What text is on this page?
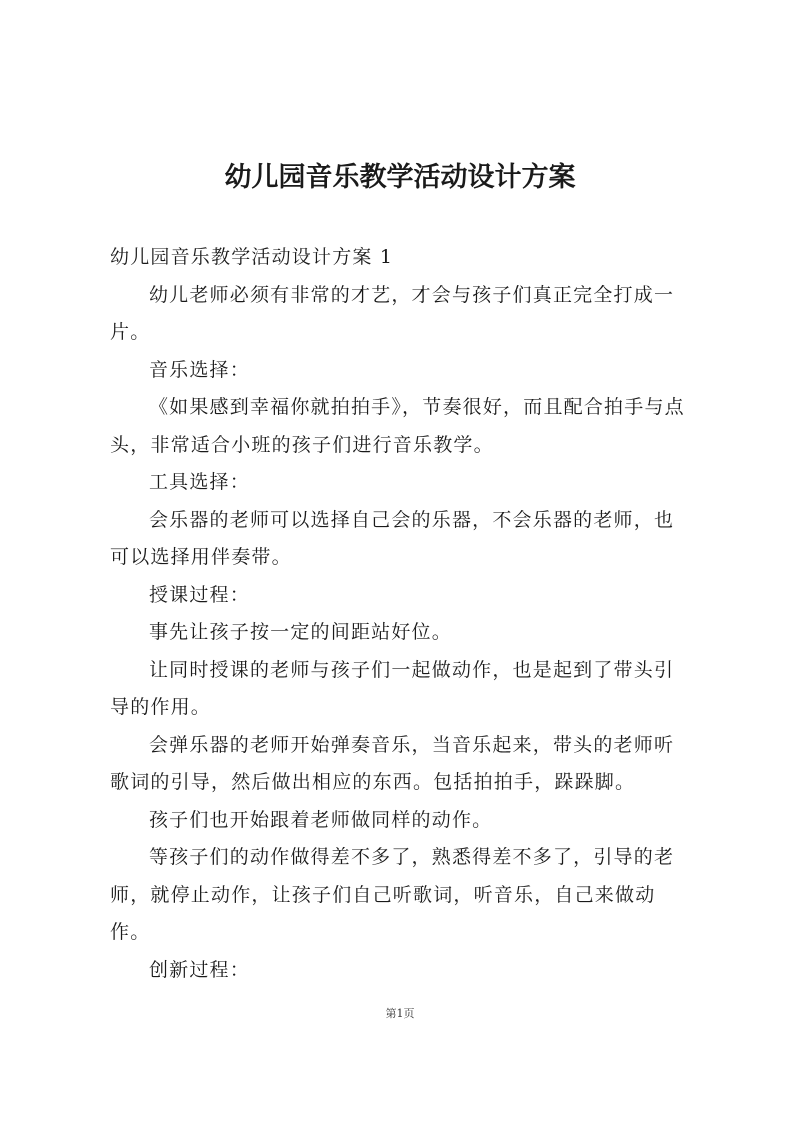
幼儿园音乐教学活动设计方案

幼儿园音乐教学活动设计方案 1

幼儿老师必须有非常的才艺，才会与孩子们真正完全打成一片。

音乐选择：

《如果感到幸福你就拍拍手》，节奏很好，而且配合拍手与点头，非常适合小班的孩子们进行音乐教学。

工具选择：

会乐器的老师可以选择自己会的乐器，不会乐器的老师，也可以选择用伴奏带。

授课过程：

事先让孩子按一定的间距站好位。

让同时授课的老师与孩子们一起做动作，也是起到了带头引导的作用。

会弹乐器的老师开始弹奏音乐，当音乐起来，带头的老师听歌词的引导，然后做出相应的东西。包括拍拍手，跺跺脚。

孩子们也开始跟着老师做同样的动作。

等孩子们的动作做得差不多了，熟悉得差不多了，引导的老师，就停止动作，让孩子们自己听歌词，听音乐，自己来做动作。

创新过程：

第1页
